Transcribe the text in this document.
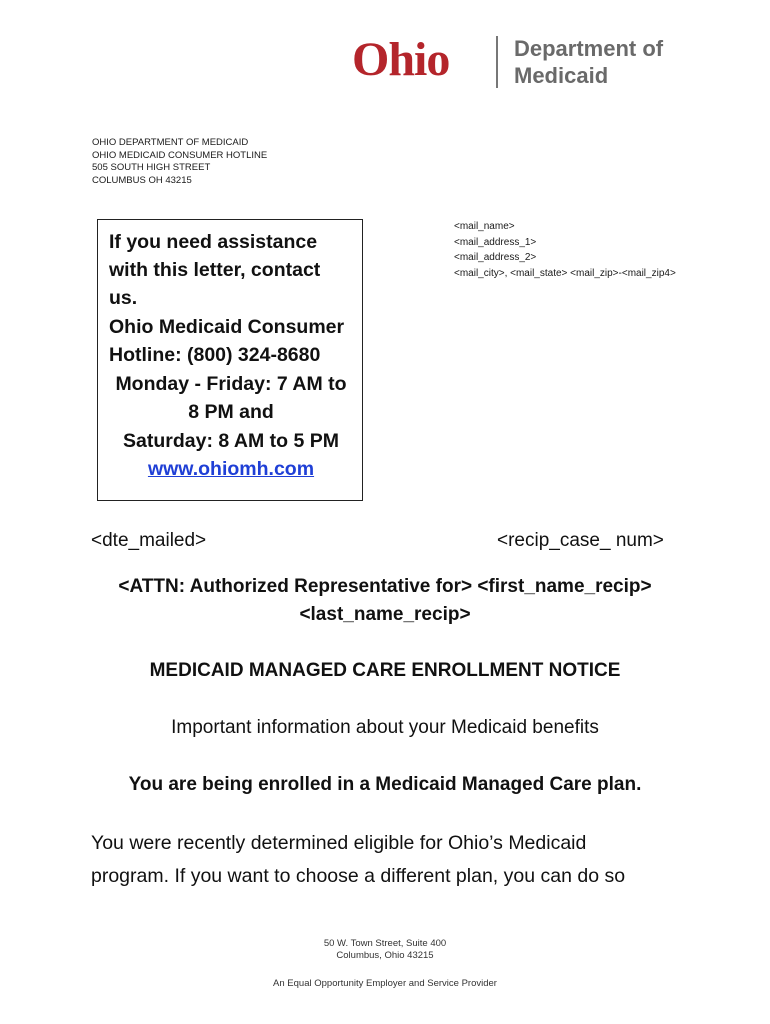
Ohio	Department of
Medicaid
OHIO DEPARTMENT OF MEDICAID
OHIO MEDICAID CONSUMER HOTLINE
505 SOUTH HIGH STREET
COLUMBUS OH 43215
If you need assistance
with this letter, contact
us.
Ohio Medicaid Consumer
Hotline: (800) 324-8680
Monday - Friday: 7 AM to
8 PM and
Saturday: 8 AM to 5 PM
www.ohiomh.com
<mail_name>
<mail_address_1>
<mail_address_2>
<mail_city>, <mail_state> <mail_zip>-<mail_zip4>
<dte_mailed>	<recip_case_ num>
<ATTN: Authorized Representative for> <first_name_recip>
<last_name_recip>
MEDICAID MANAGED CARE ENROLLMENT NOTICE
Important information about your Medicaid benefits
You are being enrolled in a Medicaid Managed Care plan.
You were recently determined eligible for Ohio’s Medicaid
program. If you want to choose a different plan, you can do so
50 W. Town Street, Suite 400
Columbus, Ohio 43215
An Equal Opportunity Employer and Service Provider
